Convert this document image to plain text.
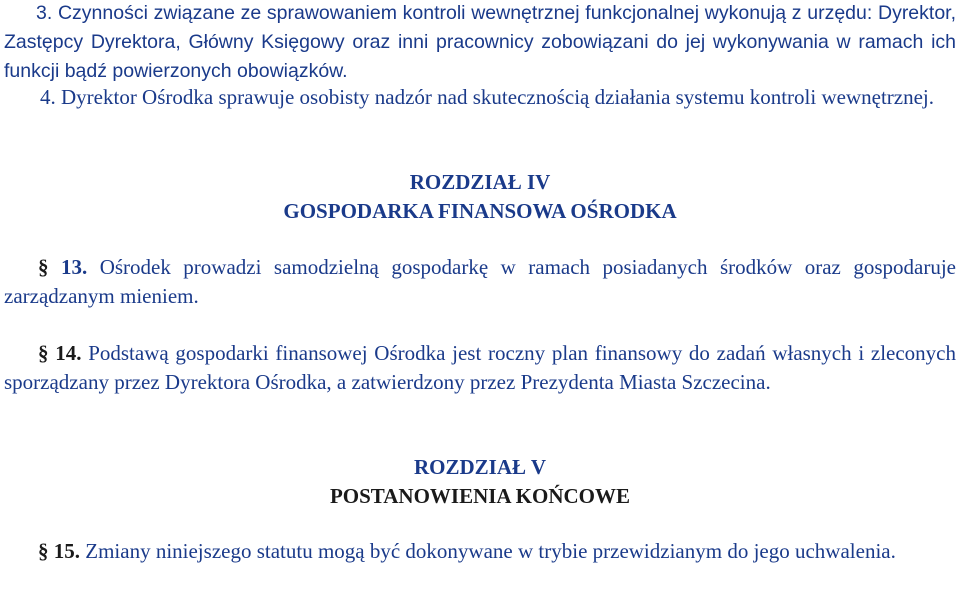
3. Czynności związane ze sprawowaniem kontroli wewnętrznej funkcjonalnej wykonują z urzędu: Dyrektor, Zastępcy Dyrektora, Główny Księgowy oraz inni pracownicy zobowiązani do jej wykonywania w ramach ich funkcji bądź powierzonych obowiązków.

4. Dyrektor Ośrodka sprawuje osobisty nadzór nad skutecznością działania systemu kontroli wewnętrznej.

ROZDZIAŁ IV
GOSPODARKA FINANSOWA OŚRODKA

§ 13. Ośrodek prowadzi samodzielną gospodarkę w ramach posiadanych środków oraz gospodaruje zarządzanym mieniem.

§ 14. Podstawą gospodarki finansowej Ośrodka jest roczny plan finansowy do zadań własnych i zleconych sporządzany przez Dyrektora Ośrodka, a zatwierdzony przez Prezydenta Miasta Szczecina.

ROZDZIAŁ V
POSTANOWIENIA KOŃCOWE

§ 15. Zmiany niniejszego statutu mogą być dokonywane w trybie przewidzianym do jego uchwalenia.
